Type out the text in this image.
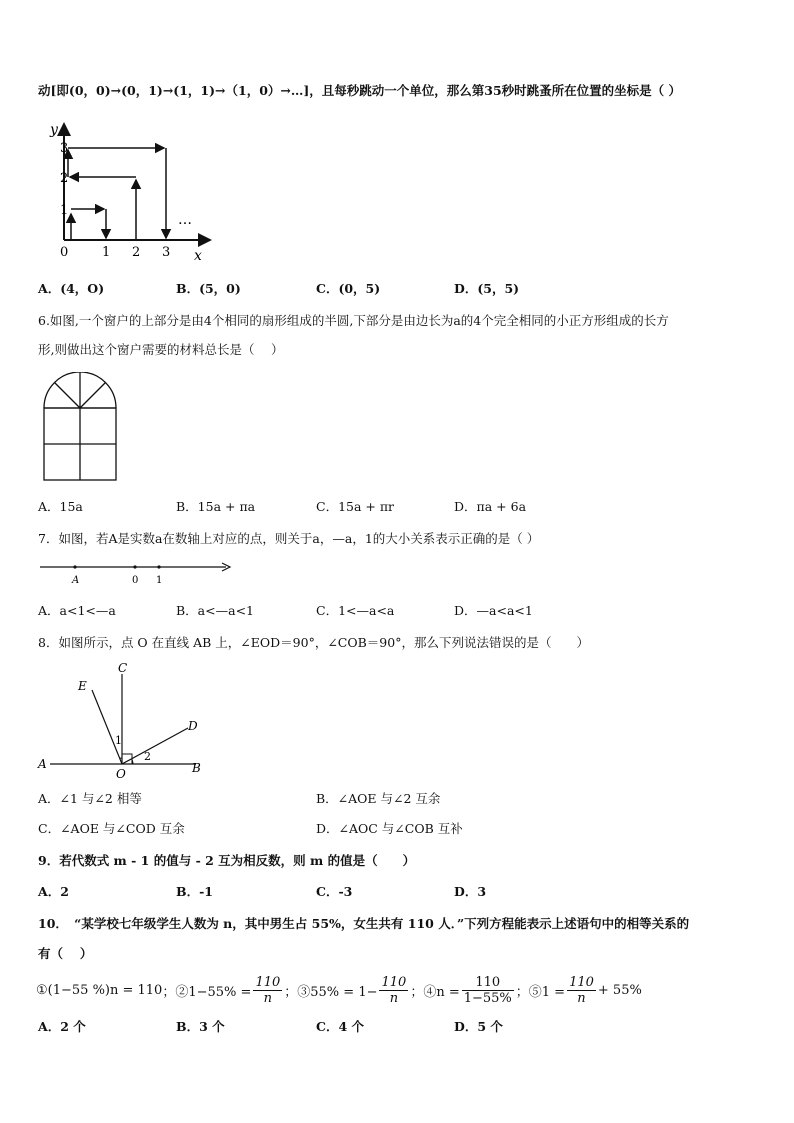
动[即(0，0)→(0，1)→(1，1)→（1，0）→…]，且每秒跳动一个单位，那么第35秒时跳蚤所在位置的坐标是（ ）
y
x
1
2
3
0	1 2 3
…
A．(4，O)	B．(5，0)	C．(0，5)	D．(5，5)
6.如图,一个窗户的上部分是由4个相同的扇形组成的半圆,下部分是由边长为a的4个完全相同的小正方形组成的长方
形,则做出这个窗户需要的材料总长是（　 ）
A．15a	B．15a + πa	C．15a + πr	D．πa + 6a
7．如图，若A是实数a在数轴上对应的点，则关于a，—a，1的大小关系表示正确的是（ ）
A	0 1
A．a<1<—a	B．a<—a<1	C．1<—a<a	D．—a<a<1
8．如图所示，点 O 在直线 AB 上，∠EOD＝90°，∠COB＝90°，那么下列说法错误的是（　　）
C
E
D
A
O	B
1
2
A．∠1 与∠2 相等	B．∠AOE 与∠2 互余
C．∠AOE 与∠COD 互余	D．∠AOC 与∠COB 互补
9．若代数式 m - 1 的值与 - 2 互为相反数，则 m 的值是（　　）
A．2	B．-1	C．-3	D．3
10．　“某学校七年级学生人数为 n，其中男生占 55%，女生共有 110 人．”下列方程能表示上述语句中的相等关系的
有（　 ）
①(1−55 %)n = 110 ；②1−55% = $\frac{110}{n}$ ；③55% = $1- \frac{110}{n}$ ；④n = $\frac{110}{1-55\%}$ ；⑤1 = $\frac{110}{n} + 55\%$
A．2 个	B．3 个	C．4 个	D．5 个
